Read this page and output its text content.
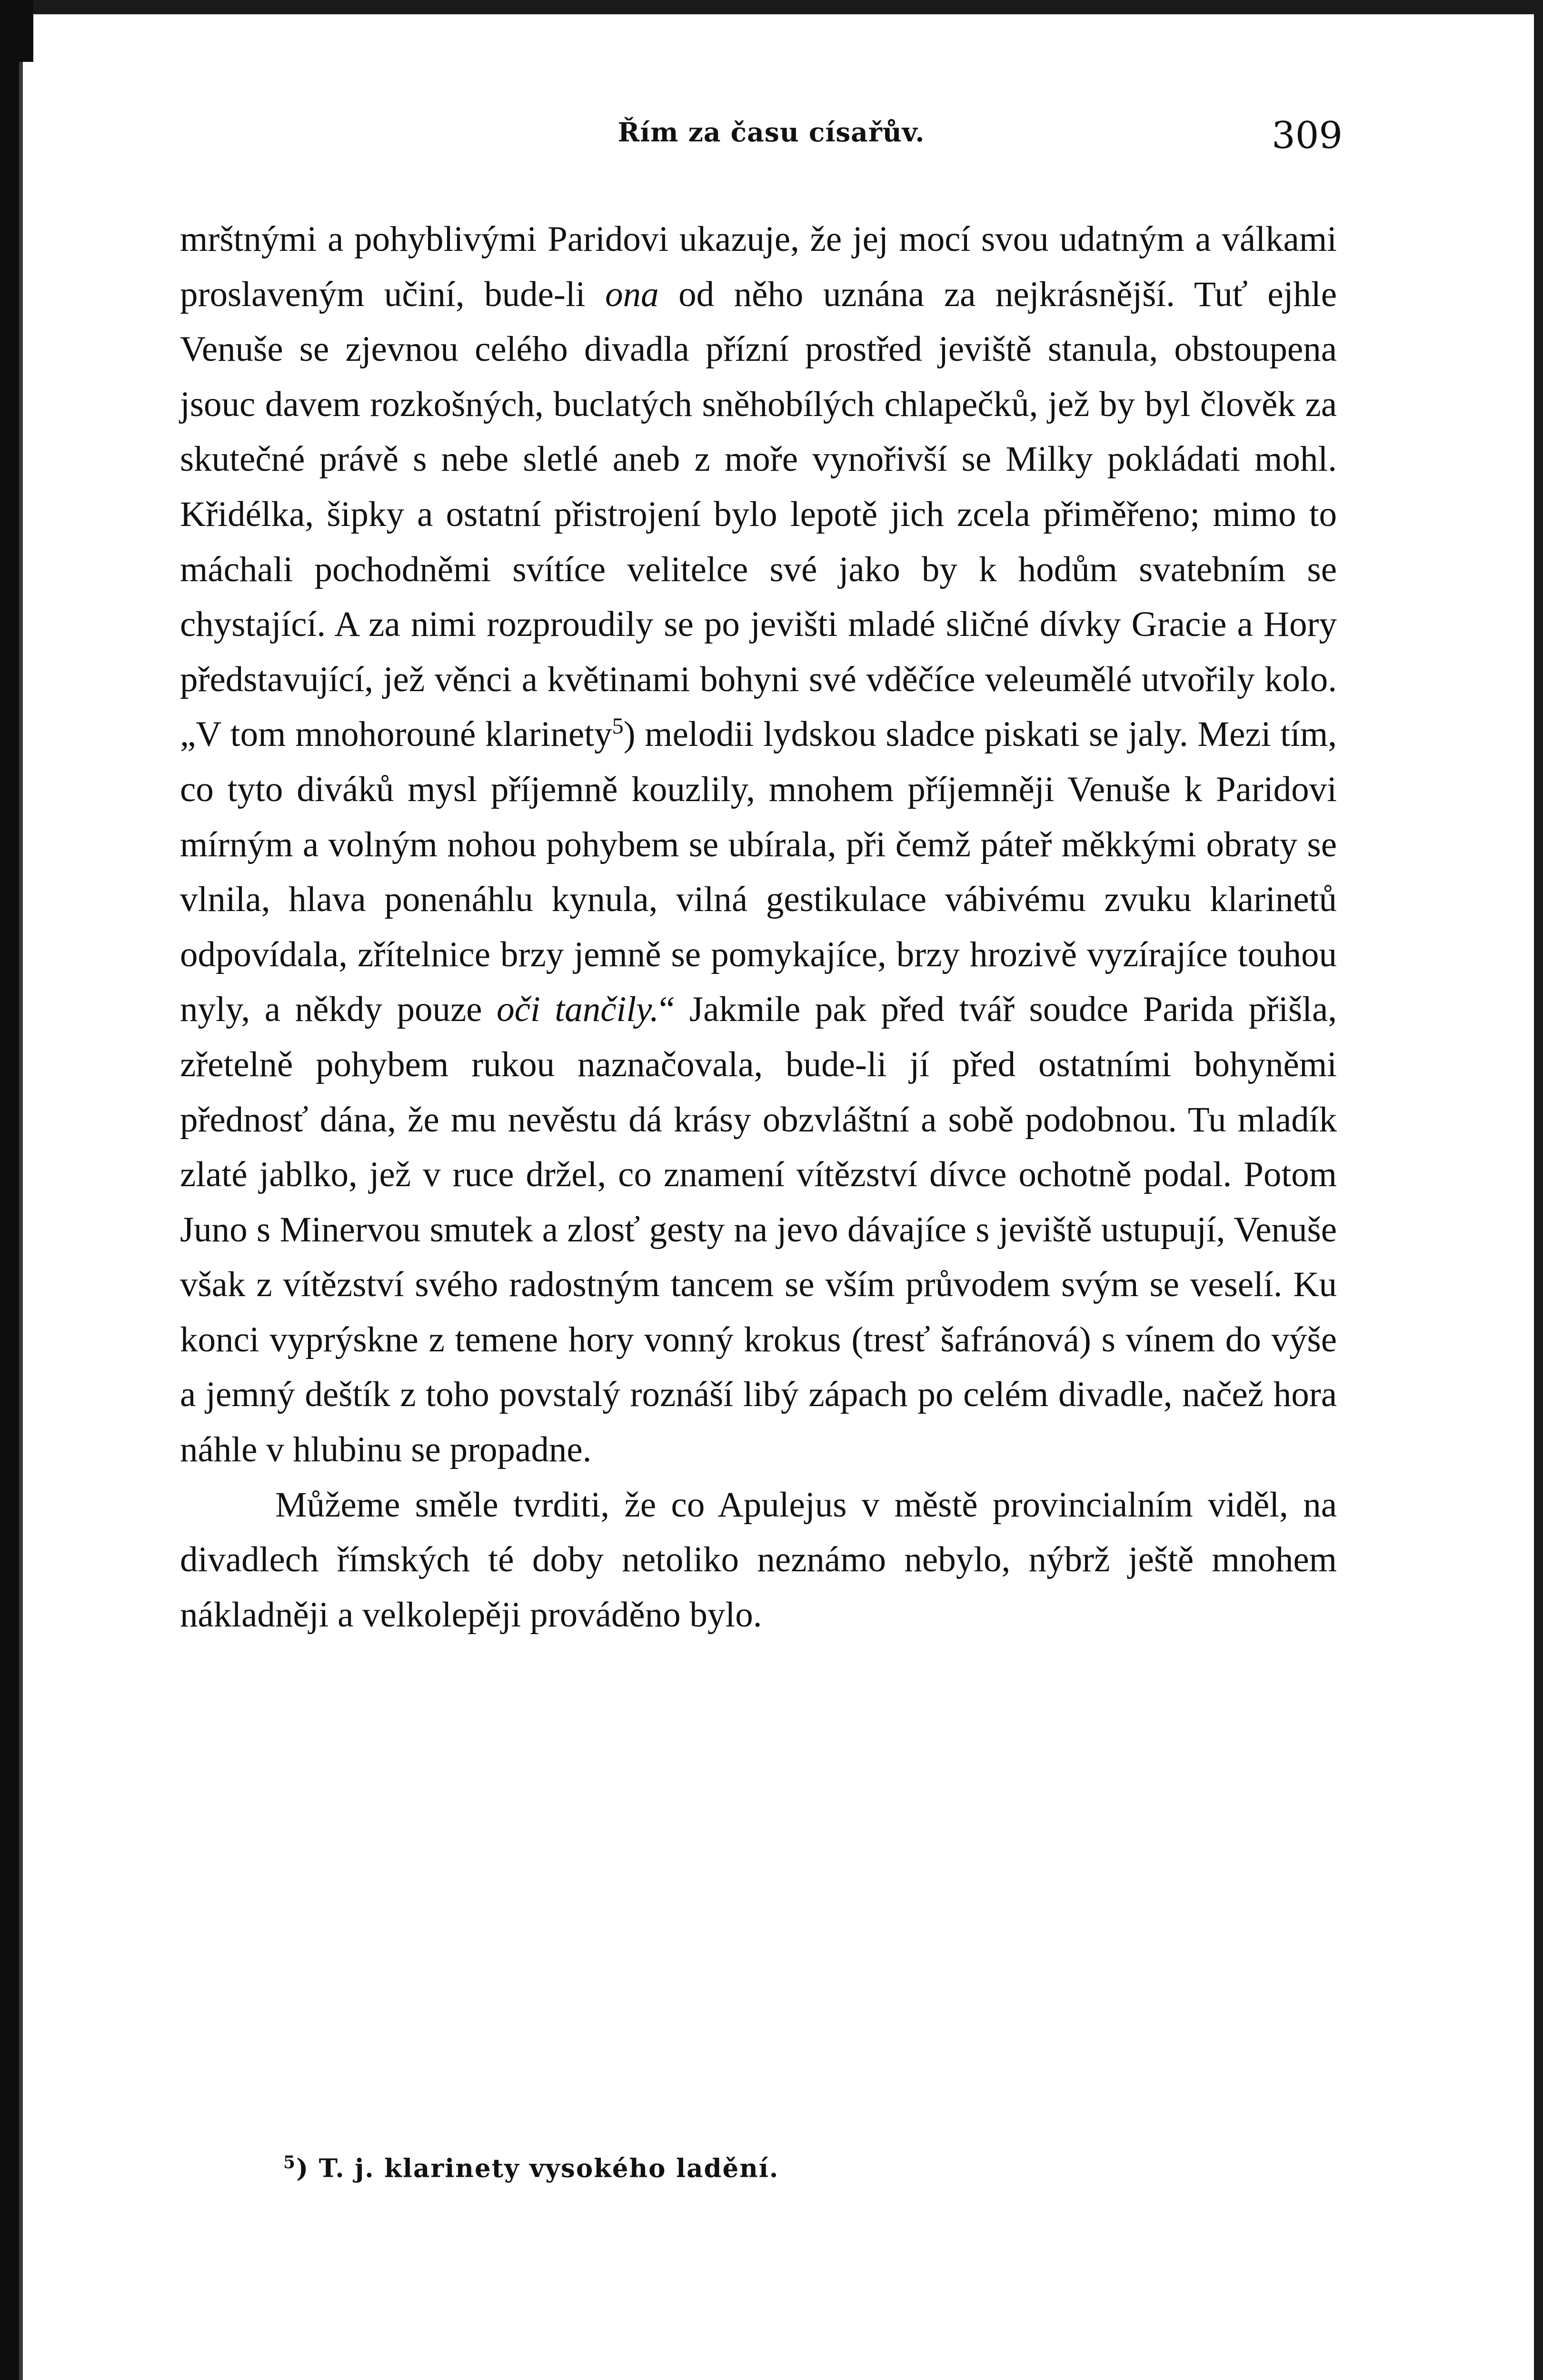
Řím za času císařův.	309

mrštnými a pohyblivými Paridovi ukazuje, že jej mocí svou udatným a válkami proslaveným učiní, bude-li ona od něho uznána za nejkrásnější. Tuť ejhle Venuše se zjevnou celého divadla přízní prostřed jeviště stanula, obstoupena jsouc davem rozkošných, buclatých sněhobílých chlapečků, jež by byl člověk za skutečné právě s nebe sletlé aneb z moře vynořivší se Milky pokládati mohl. Křidélka, šipky a ostatní přistrojení bylo lepotě jich zcela přiměřeno; mimo to máchali pochodněmi svítíce velitelce své jako by k hodům svatebním se chystající. A za nimi rozproudily se po jevišti mladé sličné dívky Gracie a Hory představující, jež věnci a květinami bohyni své vděčíce veleumělé utvořily kolo. „V tom mnohorouné klarinety$^5$) melodii lydskou sladce piskati se jaly. Mezi tím, co tyto diváků mysl příjemně kouzlily, mnohem příjemněji Venuše k Paridovi mírným a volným nohou pohybem se ubírala, při čemž páteř měkkými obraty se vlnila, hlava ponenáhlu kynula, vilná gestikulace vábivému zvuku klarinetů odpovídala, zřítelnice brzy jemně se pomykajíce, brzy hrozivě vyzírajíce touhou nyly, a někdy pouze oči tančily.“ Jakmile pak před tvář soudce Parida přišla, zřetelně pohybem rukou naznačovala, bude-li jí před ostatními bohyněmi přednosť dána, že mu nevěstu dá krásy obzvláštní a sobě podobnou. Tu mladík zlaté jablko, jež v ruce držel, co znamení vítězství dívce ochotně podal. Potom Juno s Minervou smutek a zlosť gesty na jevo dávajíce s jeviště ustupují, Venuše však z vítězství svého radostným tancem se vším průvodem svým se veselí. Ku konci vyprýskne z temene hory vonný krokus (tresť šafránová) s vínem do výše a jemný deštík z toho povstalý roznáší libý zápach po celém divadle, načež hora náhle v hlubinu se propadne.

Můžeme směle tvrditi, že co Apulejus v městě provincialním viděl, na divadlech římských té doby netoliko neznámo nebylo, nýbrž ještě mnohem nákladněji a velkolepěji prováděno bylo.

$^5$) T. j. klarinety vysokého ladění.
